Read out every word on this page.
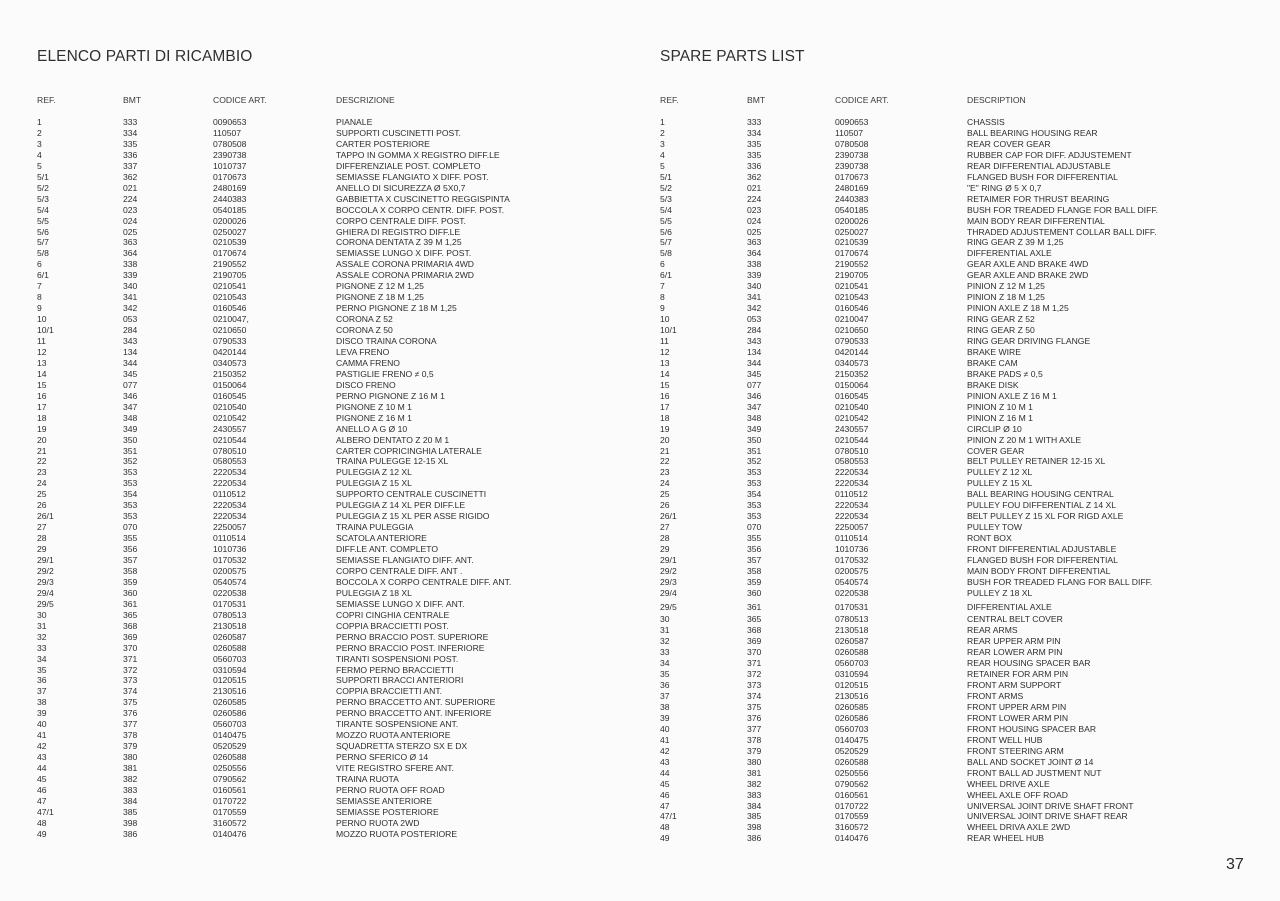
ELENCO PARTI DI RICAMBIO
REF.	BMT	CODICE ART.	DESCRIZIONE
1	333	0090653	PIANALE
2	334	110507	SUPPORTI CUSCINETTI POST.
3	335	0780508	CARTER POSTERIORE
4	336	2390738	TAPPO IN GOMMA X REGISTRO DIFF.LE
5	337	1010737	DIFFERENZIALE POST. COMPLETO
5/1	362	0170673	SEMIASSE FLANGIATO X DIFF. POST.
5/2	021	2480169	ANELLO DI SICUREZZA Ø 5X0,7
5/3	224	2440383	GABBIETTA X CUSCINETTO REGGISPINTA
5/4	023	0540185	BOCCOLA X CORPO CENTR. DIFF. POST.
5/5	024	0200026	CORPO CENTRALE DIFF. POST.
5/6	025	0250027	GHIERA DI REGISTRO DIFF.LE
5/7	363	0210539	CORONA DENTATA Z 39 M 1,25
5/8	364	0170674	SEMIASSE LUNGO X DIFF. POST.
6	338	2190552	ASSALE CORONA PRIMARIA 4WD
6/1	339	2190705	ASSALE CORONA PRIMARIA 2WD
7	340	0210541	PIGNONE Z 12 M 1,25
8	341	0210543	PIGNONE Z 18 M 1,25
9	342	0160546	PERNO PIGNONE Z 18 M 1,25
10	053	0210047,	CORONA Z 52
10/1	284	0210650	CORONA Z 50
11	343	0790533	DISCO TRAINA CORONA
12	134	0420144	LEVA FRENO
13	344	0340573	CAMMA FRENO
14	345	2150352	PASTIGLIE FRENO ≠ 0,5
15	077	0150064	DISCO FRENO
16	346	0160545	PERNO PIGNONE Z 16 M 1
17	347	0210540	PIGNONE Z 10 M 1
18	348	0210542	PIGNONE Z 16 M 1
19	349	2430557	ANELLO A G Ø 10
20	350	0210544	ALBERO DENTATO Z 20 M 1
21	351	0780510	CARTER COPRICINGHIA LATERALE
22	352	0580553	TRAINA PULEGGE 12-15 XL
23	353	2220534	PULEGGIA Z 12 XL
24	353	2220534	PULEGGIA Z 15 XL
25	354	0110512	SUPPORTO CENTRALE CUSCINETTI
26	353	2220534	PULEGGIA Z 14 XL PER DIFF.LE
26/1	353	2220534	PULEGGIA Z 15 XL PER ASSE RIGIDO
27	070	2250057	TRAINA PULEGGIA
28	355	0110514	SCATOLA ANTERIORE
29	356	1010736	DIFF.LE ANT. COMPLETO
29/1	357	0170532	SEMIASSE FLANGIATO DIFF. ANT.
29/2	358	0200575	CORPO CENTRALE DIFF. ANT .
29/3	359	0540574	BOCCOLA X CORPO CENTRALE DIFF. ANT.
29/4	360	0220538	PULEGGIA Z 18 XL
29/5	361	0170531	SEMIASSE LUNGO X DIFF. ANT.
30	365	0780513	COPRI CINGHIA CENTRALE
31	368	2130518	COPPIA BRACCIETTI POST.
32	369	0260587	PERNO BRACCIO POST. SUPERIORE
33	370	0260588	PERNO BRACCIO POST. INFERIORE
34	371	0560703	TIRANTI SOSPENSIONI POST.
35	372	0310594	FERMO PERNO BRACCIETTI
36	373	0120515	SUPPORTI BRACCI ANTERIORI
37	374	2130516	COPPIA BRACCIETTI ANT.
38	375	0260585	PERNO BRACCETTO ANT. SUPERIORE
39	376	0260586	PERNO BRACCETTO ANT. INFERIORE
40	377	0560703	TIRANTE SOSPENSIONE ANT.
41	378	0140475	MOZZO RUOTA ANTERIORE
42	379	0520529	SQUADRETTA STERZO SX E DX
43	380	0260588	PERNO SFERICO Ø 14
44	381	0250556	VITE REGISTRO SFERE ANT.
45	382	0790562	TRAINA RUOTA
46	383	0160561	PERNO RUOTA OFF ROAD
47	384	0170722	SEMIASSE ANTERIORE
47/1	385	0170559	SEMIASSE POSTERIORE
48	398	3160572	PERNO RUOTA 2WD
49	386	0140476	MOZZO RUOTA POSTERIORE
SPARE PARTS LIST
REF.	BMT	CODICE ART.	DESCRIPTION
1	333	0090653	CHASSIS
2	334	110507	BALL BEARING HOUSING REAR
3	335	0780508	REAR COVER GEAR
4	335	2390738	RUBBER CAP FOR DIFF. ADJUSTEMENT
5	336	2390738	REAR DIFFERENTIAL ADJUSTABLE
5/1	362	0170673	FLANGED BUSH FOR DIFFERENTIAL
5/2	021	2480169	"E" RING Ø 5 X 0,7
5/3	224	2440383	RETAIMER FOR THRUST BEARING
5/4	023	0540185	BUSH FOR TREADED FLANGE FOR BALL DIFF.
5/5	024	0200026	MAIN BODY REAR DIFFERENTIAL
5/6	025	0250027	THRADED ADJUSTEMENT COLLAR BALL DIFF.
5/7	363	0210539	RING GEAR Z 39 M 1,25
5/8	364	0170674	DIFFERENTIAL AXLE
6	338	2190552	GEAR AXLE AND BRAKE 4WD
6/1	339	2190705	GEAR AXLE AND BRAKE 2WD
7	340	0210541	PINION Z 12 M 1,25
8	341	0210543	PINION Z 18 M 1,25
9	342	0160546	PINION AXLE Z 18 M 1,25
10	053	0210047	RING GEAR Z 52
10/1	284	0210650	RING GEAR Z 50
11	343	0790533	RING GEAR DRIVING FLANGE
12	134	0420144	BRAKE WIRE
13	344	0340573	BRAKE CAM
14	345	2150352	BRAKE PADS ≠ 0,5
15	077	0150064	BRAKE DISK
16	346	0160545	PINION AXLE Z 16 M 1
17	347	0210540	PINION Z 10 M 1
18	348	0210542	PINION Z 16 M 1
19	349	2430557	CIRCLIP Ø 10
20	350	0210544	PINION Z 20 M 1 WITH AXLE
21	351	0780510	COVER GEAR
22	352	0580553	BELT PULLEY RETAINER 12-15 XL
23	353	2220534	PULLEY Z 12 XL
24	353	2220534	PULLEY Z 15 XL
25	354	0110512	BALL BEARING HOUSING CENTRAL
26	353	2220534	PULLEY FOU DIFFERENTIAL Z 14 XL
26/1	353	2220534	BELT PULLEY Z 15 XL FOR RIGD AXLE
27	070	2250057	PULLEY TOW
28	355	0110514	RONT BOX
29	356	1010736	FRONT DIFFERENTIAL ADJUSTABLE
29/1	357	0170532	FLANGED BUSH FOR DIFFERENTIAL
29/2	358	0200575	MAIN BODY FRONT DIFFERENTIAL
29/3	359	0540574	BUSH FOR TREADED FLANG FOR BALL DIFF.
29/4	360	0220538	PULLEY Z 18 XL
29/5	361	0170531	DIFFERENTIAL AXLE
30	365	0780513	CENTRAL BELT COVER
31	368	2130518	REAR ARMS
32	369	0260587	REAR UPPER ARM PIN
33	370	0260588	REAR LOWER ARM PIN
34	371	0560703	REAR HOUSING SPACER BAR
35	372	0310594	RETAINER FOR ARM PIN
36	373	0120515	FRONT ARM SUPPORT
37	374	2130516	FRONT ARMS
38	375	0260585	FRONT UPPER ARM PIN
39	376	0260586	FRONT LOWER ARM PIN
40	377	0560703	FRONT HOUSING SPACER BAR
41	378	0140475	FRONT WELL HUB
42	379	0520529	FRONT STEERING ARM
43	380	0260588	BALL AND SOCKET JOINT Ø 14
44	381	0250556	FRONT BALL AD JUSTMENT NUT
45	382	0790562	WHEEL DRIVE AXLE
46	383	0160561	WHEEL AXLE OFF ROAD
47	384	0170722	UNIVERSAL JOINT DRIVE SHAFT FRONT
47/1	385	0170559	UNIVERSAL JOINT DRIVE SHAFT REAR
48	398	3160572	WHEEL DRIVA AXLE 2WD
49	386	0140476	REAR WHEEL HUB
37
